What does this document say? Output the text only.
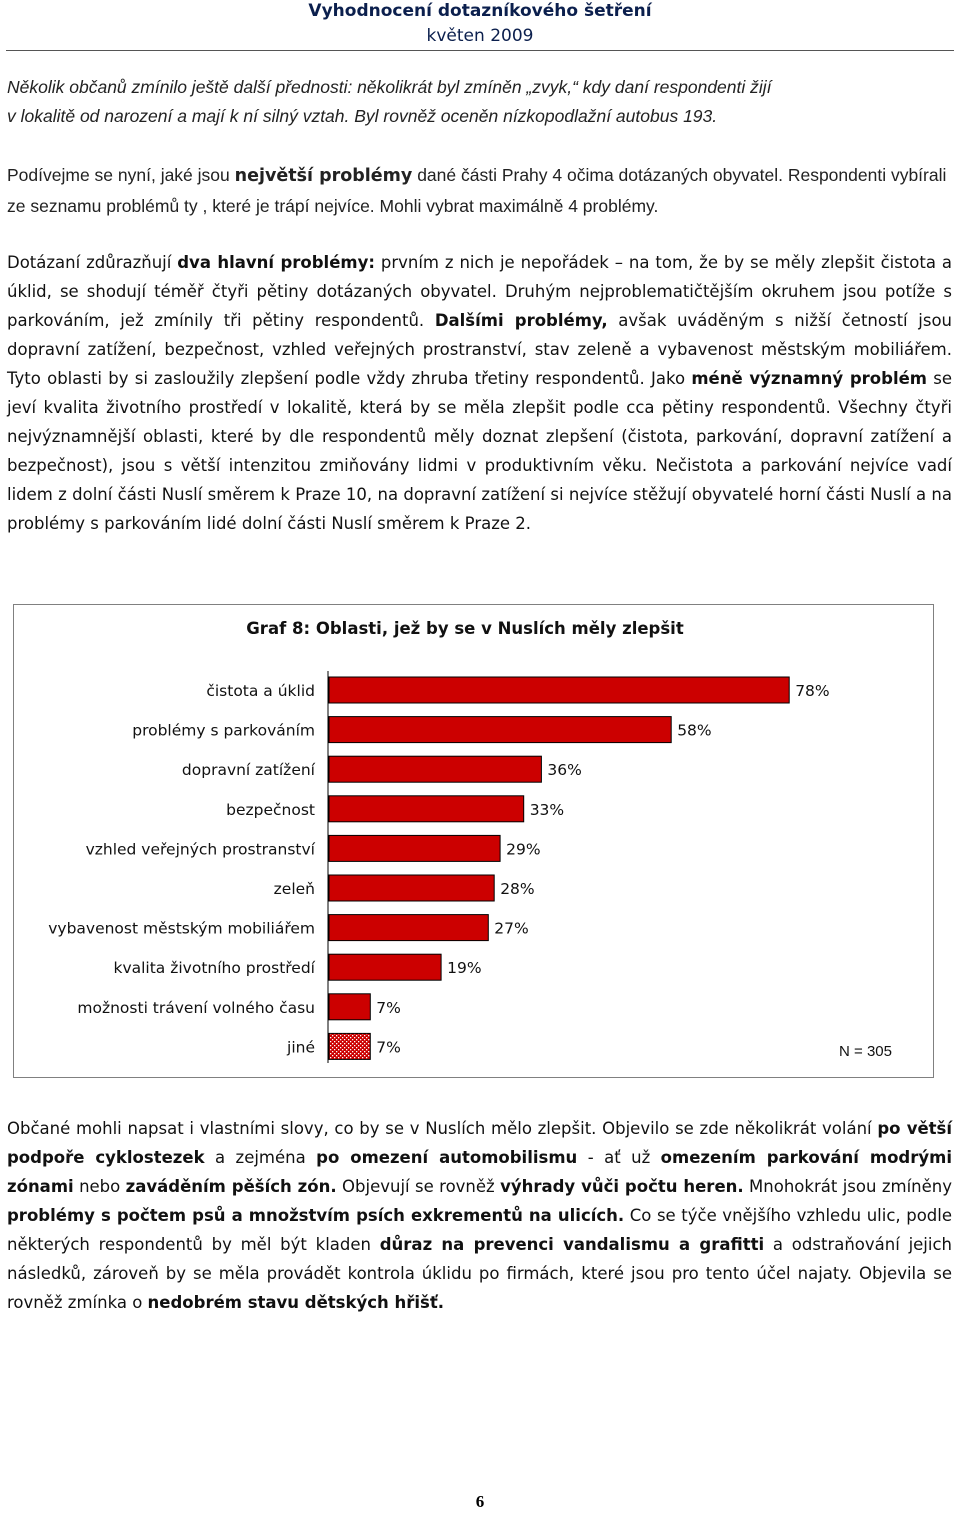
Vyhodnocení dotazníkového šetření
květen 2009
Několik občanů zmínilo ještě další přednosti: několikrát byl zmíněn „zvyk,“ kdy daní respondenti žijí
v lokalitě od narození a mají k ní silný vztah. Byl rovněž oceněn nízkopodlažní autobus 193.
Podívejme se nyní, jaké jsou největší problémy dané části Prahy 4 očima dotázaných obyvatel. Respondenti vybírali ze seznamu problémů ty , které je trápí nejvíce. Mohli vybrat maximálně 4 problémy.
Dotázaní zdůrazňují dva hlavní problémy: prvním z nich je nepořádek – na tom, že by se měly zlepšit čistota a úklid, se shodují téměř čtyři pětiny dotázaných obyvatel. Druhým nejproblematičtějším okruhem jsou potíže s parkováním, jež zmínily tři pětiny respondentů. Dalšími problémy, avšak uváděným s nižší četností jsou dopravní zatížení, bezpečnost, vzhled veřejných prostranství, stav zeleně a vybavenost městským mobiliářem. Tyto oblasti by si zasloužily zlepšení podle vždy zhruba třetiny respondentů. Jako méně významný problém se jeví kvalita životního prostředí v lokalitě, která by se měla zlepšit podle cca pětiny respondentů. Všechny čtyři nejvýznamnější oblasti, které by dle respondentů měly doznat zlepšení (čistota, parkování, dopravní zatížení a bezpečnost), jsou s větší intenzitou zmiňovány lidmi v produktivním věku. Nečistota a parkování nejvíce vadí lidem z dolní části Nuslí směrem k Praze 10, na dopravní zatížení si nejvíce stěžují obyvatelé horní části Nuslí a na problémy s parkováním lidé dolní části Nuslí směrem k Praze 2.
Graf 8: Oblasti, jež by se v Nuslích měly zlepšit
čistota a úklid	78%
problémy s parkováním	58%
dopravní zatížení	36%
bezpečnost	33%
vzhled veřejných prostranství	29%
zeleň	28%
vybavenost městským mobiliářem	27%
kvalita životního prostředí	19%
možnosti trávení volného času	7%
jiné	7%	N = 305
Občané mohli napsat i vlastními slovy, co by se v Nuslích mělo zlepšit. Objevilo se zde několikrát volání po větší podpoře cyklostezek a zejména po omezení automobilismu - ať už omezením parkování modrými zónami nebo zaváděním pěších zón. Objevují se rovněž výhrady vůči počtu heren. Mnohokrát jsou zmíněny problémy s počtem psů a množstvím psích exkrementů na ulicích. Co se týče vnějšího vzhledu ulic, podle některých respondentů by měl být kladen důraz na prevenci vandalismu a grafitti a odstraňování jejich následků, zároveň by se měla provádět kontrola úklidu po firmách, které jsou pro tento účel najaty. Objevila se rovněž zmínka o nedobrém stavu dětských hřišť.
6
